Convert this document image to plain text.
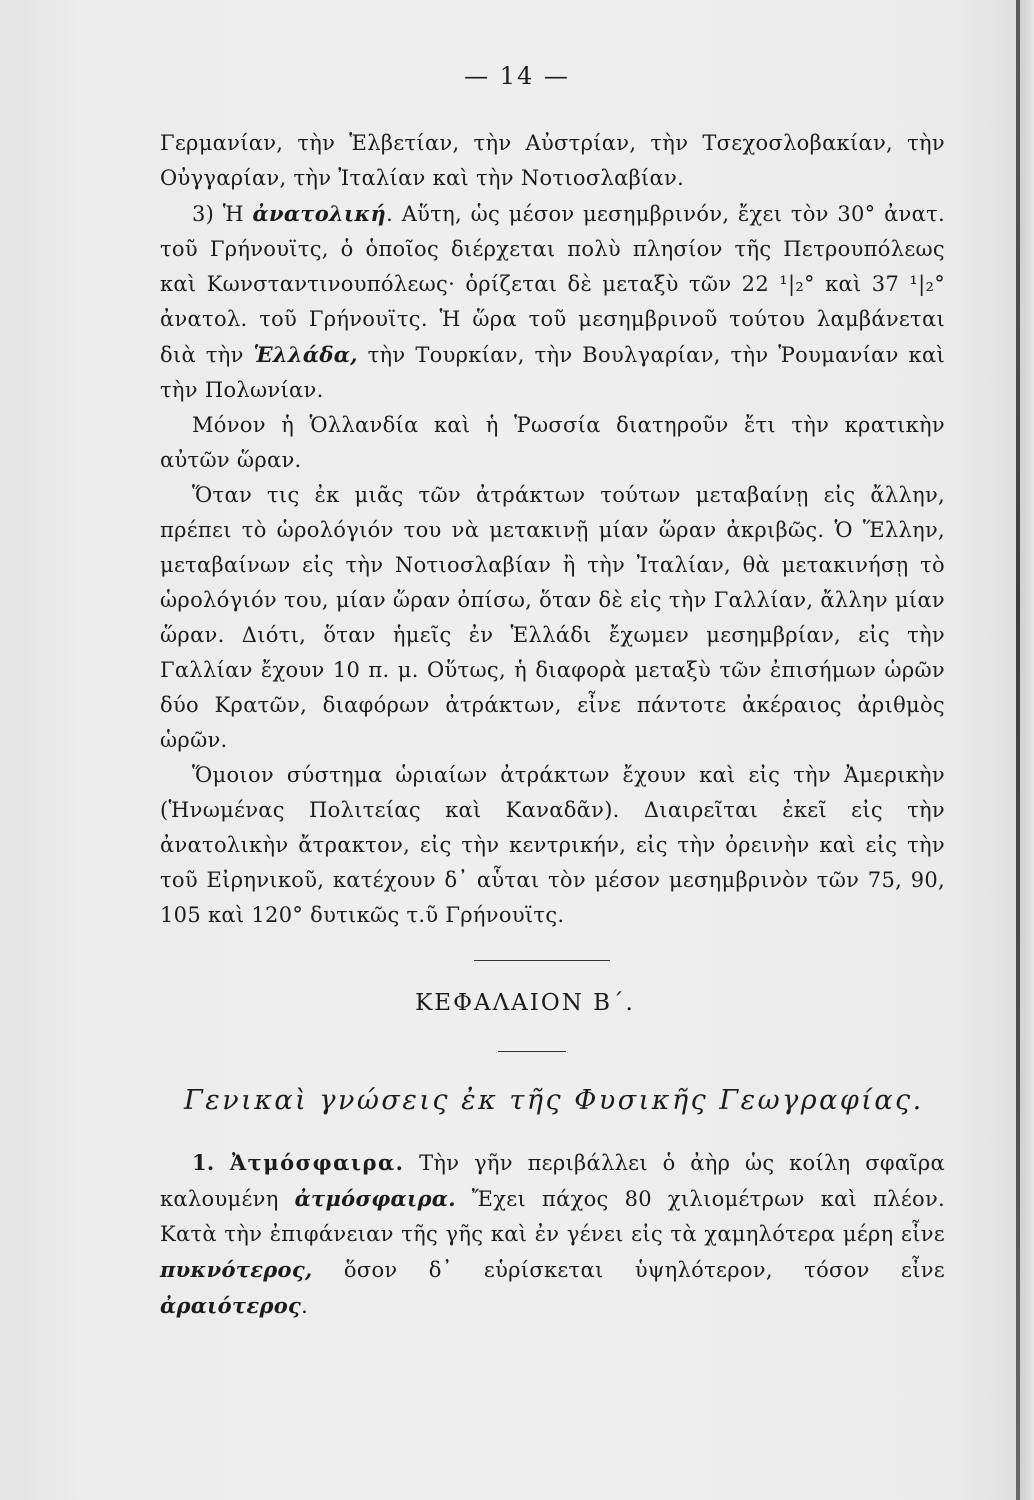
— 14 —

Γερμανίαν, τὴν Ἑλβετίαν, τὴν Αὐστρίαν, τὴν Τσεχοσλοβακίαν, τὴν Οὐγγαρίαν, τὴν Ἰταλίαν καὶ τὴν Νοτιοσλαβίαν.

3) Ἡ ἀνατολική. Αὕτη, ὡς μέσον μεσημβρινόν, ἔχει τὸν 30° ἀνατ. τοῦ Γρήνουϊτς, ὁ ὁποῖος διέρχεται πολὺ πλησίον τῆς Πετρουπόλεως καὶ Κωνσταντινουπόλεως· ὁρίζεται δὲ μεταξὺ τῶν 22 ¹|₂° καὶ 37 ¹|₂° ἀνατολ. τοῦ Γρήνουϊτς. Ἡ ὥρα τοῦ μεσημβρινοῦ τούτου λαμβάνεται διὰ τὴν Ἑλλάδα, τὴν Τουρκίαν, τὴν Βουλγαρίαν, τὴν Ῥουμανίαν καὶ τὴν Πολωνίαν.

Μόνον ἡ Ὁλλανδία καὶ ἡ Ῥωσσία διατηροῦν ἔτι τὴν κρατικὴν αὐτῶν ὥραν.

Ὅταν τις ἐκ μιᾶς τῶν ἀτράκτων τούτων μεταβαίνῃ εἰς ἄλλην, πρέπει τὸ ὡρολόγιόν του νὰ μετακινῇ μίαν ὥραν ἀκριβῶς. Ὁ Ἕλλην, μεταβαίνων εἰς τὴν Νοτιοσλαβίαν ἢ τὴν Ἰταλίαν, θὰ μετακινήσῃ τὸ ὡρολόγιόν του, μίαν ὥραν ὀπίσω, ὅταν δὲ εἰς τὴν Γαλλίαν, ἄλλην μίαν ὥραν. Διότι, ὅταν ἡμεῖς ἐν Ἑλλάδι ἔχωμεν μεσημβρίαν, εἰς τὴν Γαλλίαν ἔχουν 10 π. μ. Οὕτως, ἡ διαφορὰ μεταξὺ τῶν ἐπισήμων ὡρῶν δύο Κρατῶν, διαφόρων ἀτράκτων, εἶνε πάντοτε ἀκέραιος ἀριθμὸς ὡρῶν.

Ὅμοιον σύστημα ὡριαίων ἀτράκτων ἔχουν καὶ εἰς τὴν Ἀμερικὴν (Ἡνωμένας Πολιτείας καὶ Καναδᾶν). Διαιρεῖται ἐκεῖ εἰς τὴν ἀνατολικὴν ἄτρακτον, εἰς τὴν κεντρικήν, εἰς τὴν ὀρεινὴν καὶ εἰς τὴν τοῦ Εἰρηνικοῦ, κατέχουν δ᾽ αὗται τὸν μέσον μεσημβρινὸν τῶν 75, 90, 105 καὶ 120° δυτικῶς τ.ῦ Γρήνουϊτς.

ΚΕΦΑΛΑΙΟΝ Β΄.
Γενικαὶ γνώσεις ἐκ τῆς Φυσικῆς Γεωγραφίας.

1. Ἀτμόσφαιρα. Τὴν γῆν περιβάλλει ὁ ἀὴρ ὡς κοίλη σφαῖρα καλουμένη ἀτμόσφαιρα. Ἔχει πάχος 80 χιλιομέτρων καὶ πλέον. Κατὰ τὴν ἐπιφάνειαν τῆς γῆς καὶ ἐν γένει εἰς τὰ χαμηλότερα μέρη εἶνε πυκνότερος, ὅσον δ᾽ εὑρίσκεται ὑψηλότερον, τόσον εἶνε ἀραιότερος.
